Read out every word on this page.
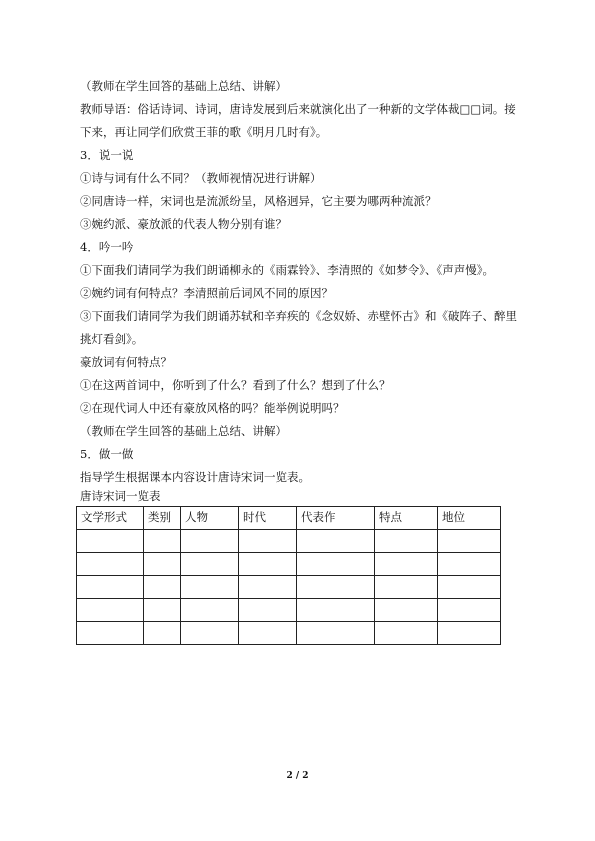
（教师在学生回答的基础上总结、讲解）
教师导语：俗话诗词、诗词，唐诗发展到后来就演化出了一种新的文学体裁□□词。接
下来，再让同学们欣赏王菲的歌《明月几时有》。
3．说一说
①诗与词有什么不同？（教师视情况进行讲解）
②同唐诗一样，宋词也是流派纷呈，风格迥异，它主要为哪两种流派？
③婉约派、豪放派的代表人物分别有谁？
4．吟一吟
①下面我们请同学为我们朗诵柳永的《雨霖铃》、李清照的《如梦令》、《声声慢》。
②婉约词有何特点？李清照前后词风不同的原因？
③下面我们请同学为我们朗诵苏轼和辛弃疾的《念奴娇、赤壁怀古》和《破阵子、醉里
挑灯看剑》。
豪放词有何特点？
①在这两首词中，你听到了什么？看到了什么？想到了什么？
②在现代词人中还有豪放风格的吗？能举例说明吗？
（教师在学生回答的基础上总结、讲解）
5．做一做
指导学生根据课本内容设计唐诗宋词一览表。
唐诗宋词一览表
文学形式	类别	人物	时代	代表作	特点	地位

2 / 2
